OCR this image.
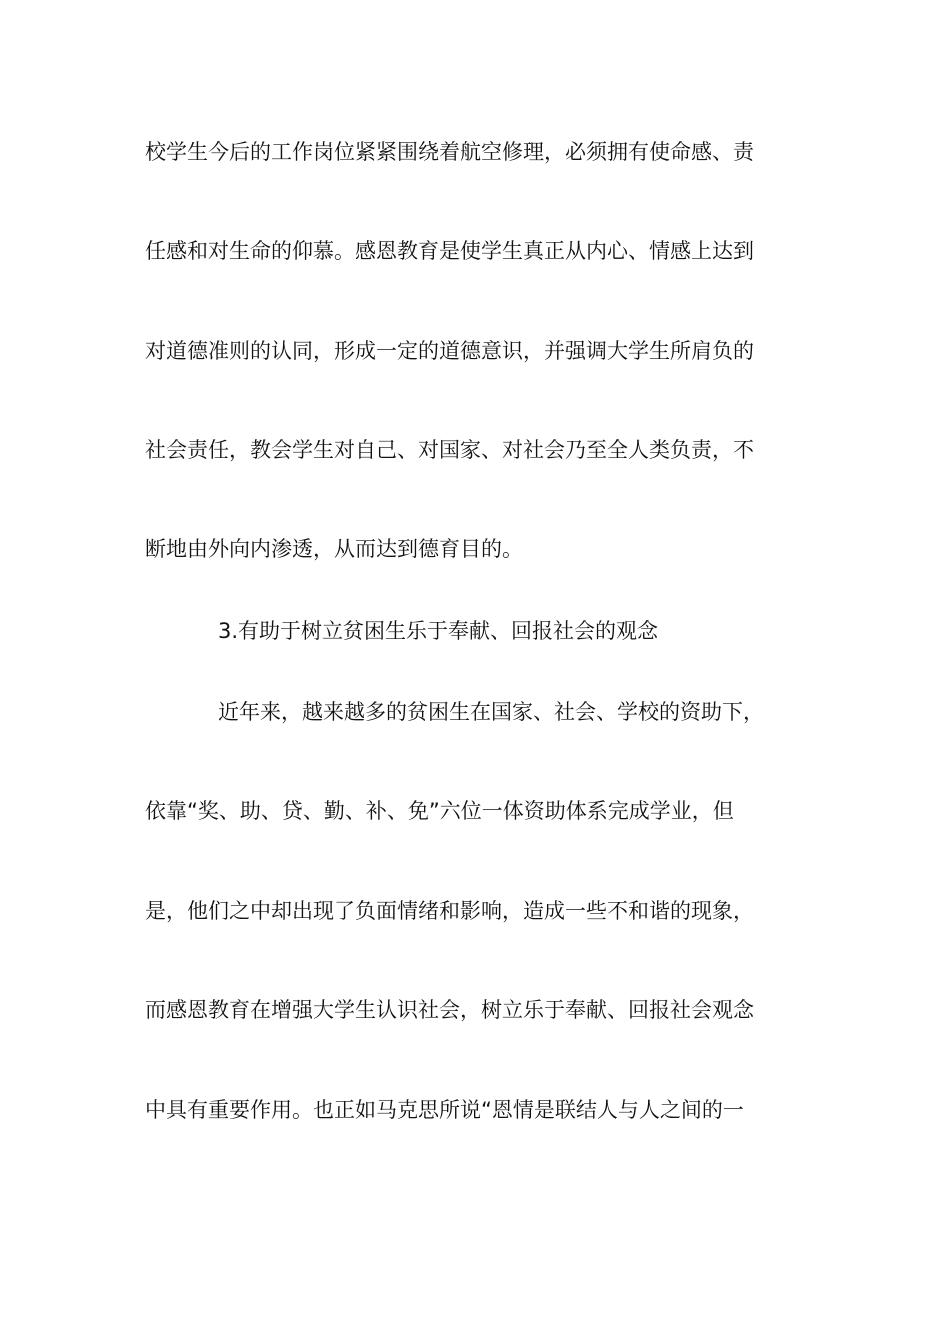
校学生今后的工作岗位紧紧围绕着航空修理，必须拥有使命感、责
任感和对生命的仰慕。感恩教育是使学生真正从内心、情感上达到
对道德准则的认同，形成一定的道德意识，并强调大学生所肩负的
社会责任，教会学生对自己、对国家、对社会乃至全人类负责，不
断地由外向内渗透，从而达到德育目的。
3.有助于树立贫困生乐于奉献、回报社会的观念
近年来，越来越多的贫困生在国家、社会、学校的资助下，
依靠“奖、助、贷、勤、补、免”六位一体资助体系完成学业，但
是，他们之中却出现了负面情绪和影响，造成一些不和谐的现象，
而感恩教育在增强大学生认识社会，树立乐于奉献、回报社会观念
中具有重要作用。也正如马克思所说“恩情是联结人与人之间的一
